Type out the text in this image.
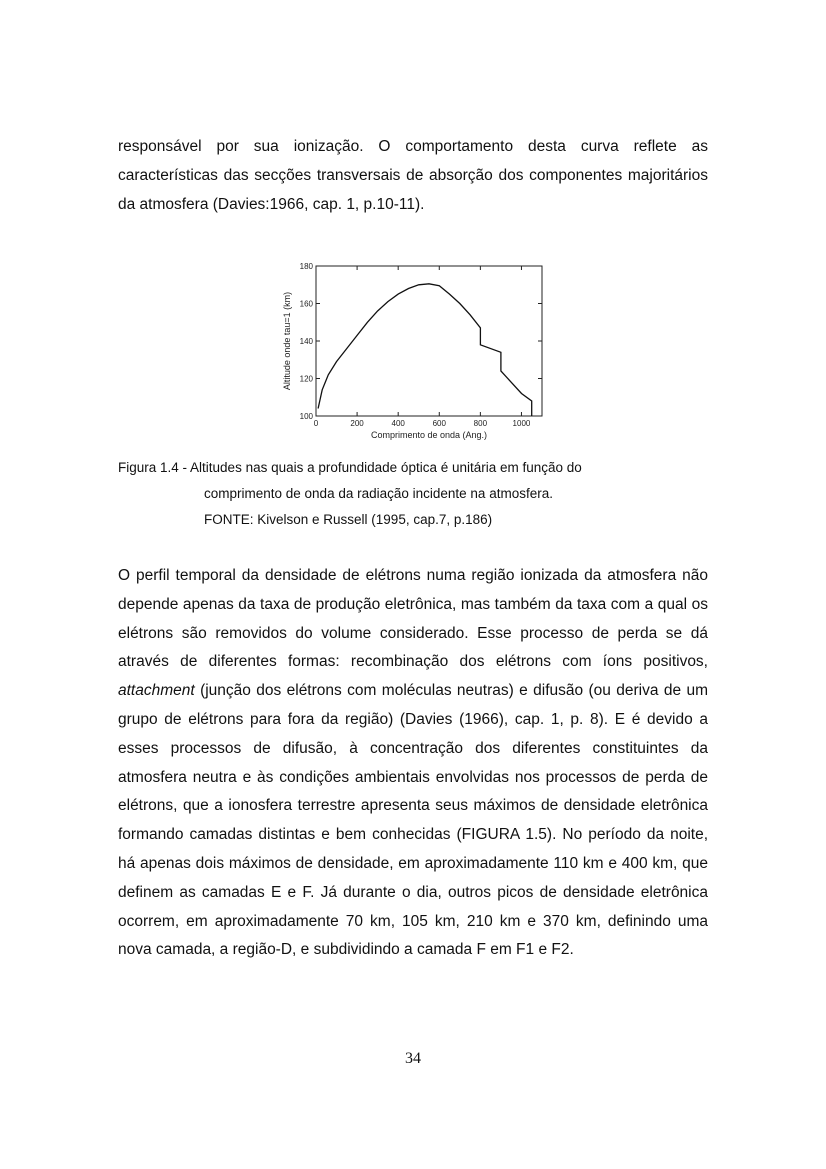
responsável por sua ionização. O comportamento desta curva reflete as características das secções transversais de absorção dos componentes majoritários da atmosfera (Davies:1966, cap. 1, p.10-11).
0	200	400	600	800	1000
100
120
140
160
180
Comprimento de onda (Ang.)
Altitude onde tau=1 (km)
Figura 1.4 - Altitudes nas quais a profundidade óptica é unitária em função do
comprimento de onda da radiação incidente na atmosfera.
FONTE: Kivelson e Russell (1995, cap.7, p.186)
O perfil temporal da densidade de elétrons numa região ionizada da atmosfera não depende apenas da taxa de produção eletrônica, mas também da taxa com a qual os elétrons são removidos do volume considerado. Esse processo de perda se dá através de diferentes formas: recombinação dos elétrons com íons positivos, attachment (junção dos elétrons com moléculas neutras) e difusão (ou deriva de um grupo de elétrons para fora da região) (Davies (1966), cap. 1, p. 8). E é devido a esses processos de difusão, à concentração dos diferentes constituintes da atmosfera neutra e às condições ambientais envolvidas nos processos de perda de elétrons, que a ionosfera terrestre apresenta seus máximos de densidade eletrônica formando camadas distintas e bem conhecidas (FIGURA 1.5). No período da noite, há apenas dois máximos de densidade, em aproximadamente 110 km e 400 km, que definem as camadas E e F. Já durante o dia, outros picos de densidade eletrônica ocorrem, em aproximadamente 70 km, 105 km, 210 km e 370 km, definindo uma nova camada, a região-D, e subdividindo a camada F em F1 e F2.
34
